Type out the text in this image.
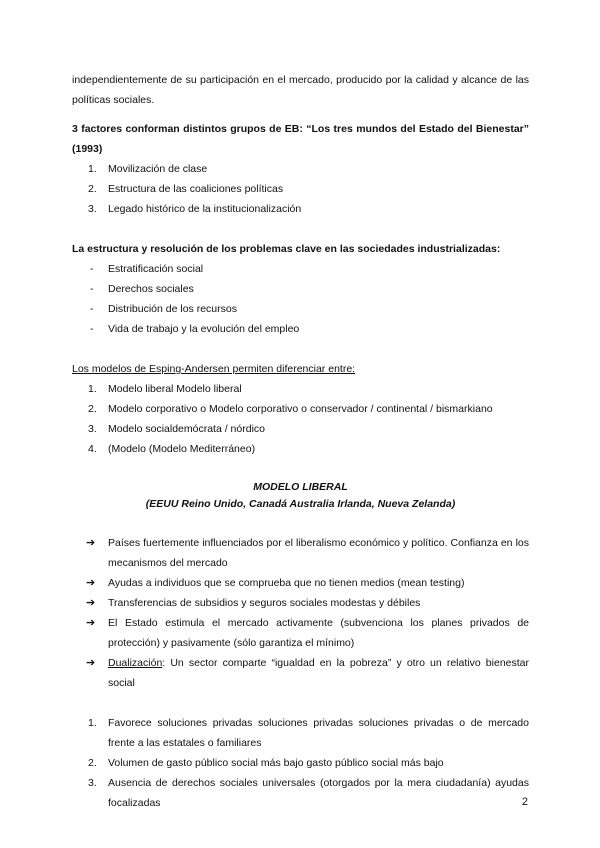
independientemente de su participación en el mercado, producido por la calidad y alcance de las políticas sociales.

3 factores conforman distintos grupos de EB: “Los tres mundos del Estado del Bienestar” (1993)

1. Movilización de clase
2. Estructura de las coaliciones políticas
3. Legado histórico de la institucionalización

La estructura y resolución de los problemas clave en las sociedades industrializadas:

- Estratificación social
- Derechos sociales
- Distribución de los recursos
- Vida de trabajo y la evolución del empleo

Los modelos de Esping-Andersen permiten diferenciar entre:

1. Modelo liberal Modelo liberal
2. Modelo corporativo o Modelo corporativo o conservador / continental / bismarkiano
3. Modelo socialdemócrata / nórdico
4. (Modelo (Modelo Mediterráneo)
MODELO LIBERAL
(EEUU Reino Unido, Canadá Australia Irlanda, Nueva Zelanda)
➔ Países fuertemente influenciados por el liberalismo económico y político. Confianza en los mecanismos del mercado
➔ Ayudas a individuos que se comprueba que no tienen medios (mean testing)
➔ Transferencias de subsidios y seguros sociales modestas y débiles
➔ El Estado estimula el mercado activamente (subvenciona los planes privados de protección) y pasivamente (sólo garantiza el mínimo)
➔ Dualización: Un sector comparte “igualdad en la pobreza” y otro un relativo bienestar social
1. Favorece soluciones privadas soluciones privadas soluciones privadas o de mercado frente a las estatales o familiares
2. Volumen de gasto público social más bajo gasto público social más bajo
3. Ausencia de derechos sociales universales (otorgados por la mera ciudadanía) ayudas focalizadas	2
